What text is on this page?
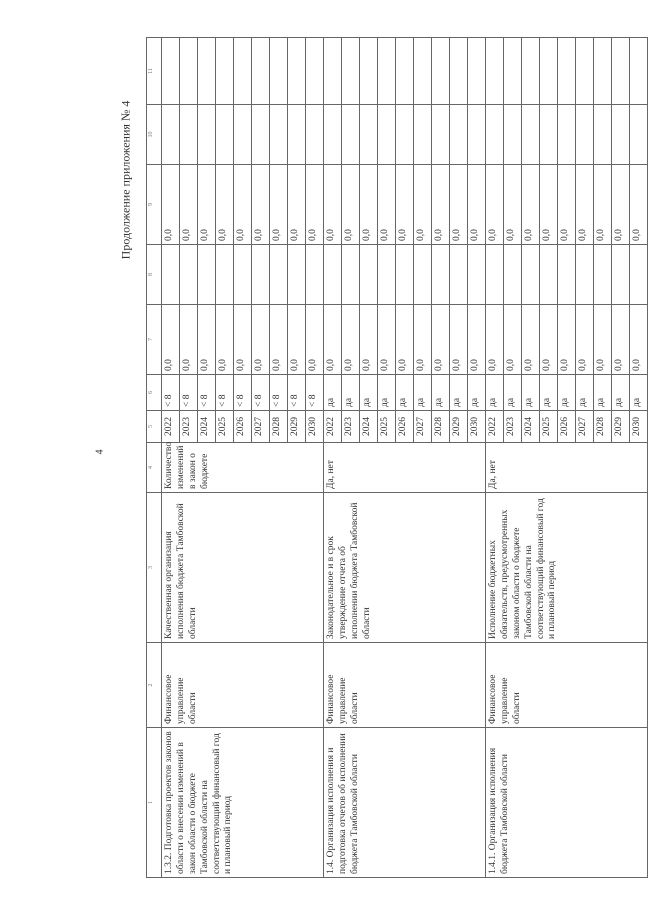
4
Продолжение приложения № 4
1	2	3	4	5	6	7	8	9	10	11
1.3.2. Подготовка проектов законов области о внесении изменений в закон области о бюджете Тамбовской области на соответствующий финансовый год и плановый период	Финансовое управление области	Качественная организация исполнения бюджета Тамбовской области	Количество изменений в закон о бюджете	2022	< 8	0,0		0,0		
				2023	< 8	0,0		0,0		
				2024	< 8	0,0		0,0		
				2025	< 8	0,0		0,0		
				2026	< 8	0,0		0,0		
				2027	< 8	0,0		0,0		
				2028	< 8	0,0		0,0		
				2029	< 8	0,0		0,0		
				2030	< 8	0,0		0,0		
1.4. Организация исполнения и подготовка отчетов об исполнении бюджета Тамбовской области	Финансовое управление области	Законодательное и в срок утверждение отчета об исполнении бюджета Тамбовской области	Да, нет	2022	да	0,0		0,0		
				2023	да	0,0		0,0		
				2024	да	0,0		0,0		
				2025	да	0,0		0,0		
				2026	да	0,0		0,0		
				2027	да	0,0		0,0		
				2028	да	0,0		0,0		
				2029	да	0,0		0,0		
				2030	да	0,0		0,0		
1.4.1. Организация исполнения бюджета Тамбовской области	Финансовое управление области	Исполнение бюджетных обязательств, предусмотренных законом области о бюджете Тамбовской области на соответствующий финансовый год и плановый период	Да, нет	2022	да	0,0		0,0		
				2023	да	0,0		0,0		
				2024	да	0,0		0,0		
				2025	да	0,0		0,0		
				2026	да	0,0		0,0		
				2027	да	0,0		0,0		
				2028	да	0,0		0,0		
				2029	да	0,0		0,0		
				2030	да	0,0		0,0		
